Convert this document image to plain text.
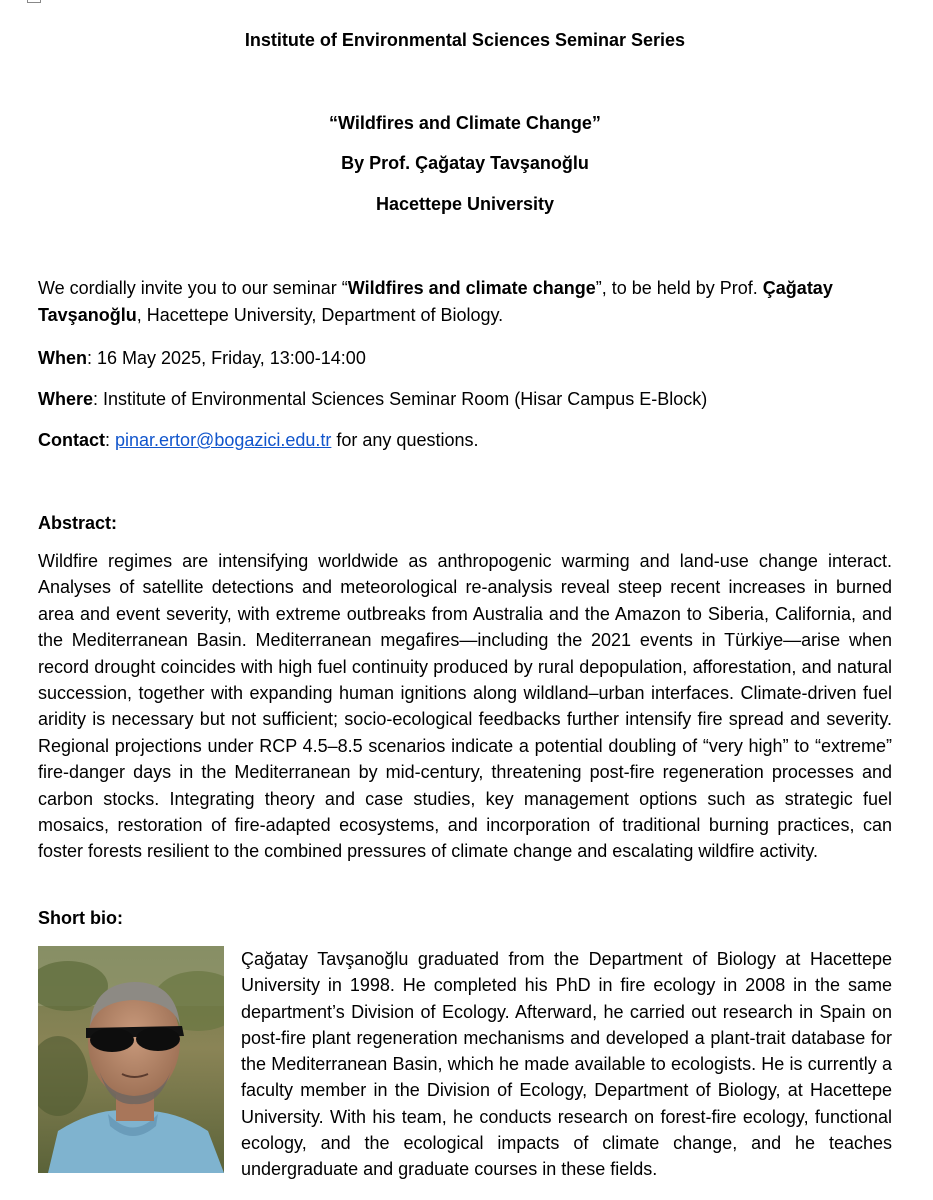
Institute of Environmental Sciences Seminar Series
“Wildfires and Climate Change”
By Prof. Çağatay Tavşanoğlu
Hacettepe University
We cordially invite you to our seminar “Wildfires and climate change”, to be held by Prof. Çağatay Tavşanoğlu, Hacettepe University, Department of Biology.
When: 16 May 2025, Friday, 13:00-14:00
Where: Institute of Environmental Sciences Seminar Room (Hisar Campus E-Block)
Contact: pinar.ertor@bogazici.edu.tr for any questions.
Abstract:
Wildfire regimes are intensifying worldwide as anthropogenic warming and land-use change interact. Analyses of satellite detections and meteorological re-analysis reveal steep recent increases in burned area and event severity, with extreme outbreaks from Australia and the Amazon to Siberia, California, and the Mediterranean Basin. Mediterranean megafires—including the 2021 events in Türkiye—arise when record drought coincides with high fuel continuity produced by rural depopulation, afforestation, and natural succession, together with expanding human ignitions along wildland–urban interfaces. Climate-driven fuel aridity is necessary but not sufficient; socio-ecological feedbacks further intensify fire spread and severity. Regional projections under RCP 4.5–8.5 scenarios indicate a potential doubling of “very high” to “extreme” fire-danger days in the Mediterranean by mid-century, threatening post-fire regeneration processes and carbon stocks. Integrating theory and case studies, key management options such as strategic fuel mosaics, restoration of fire-adapted ecosystems, and incorporation of traditional burning practices, can foster forests resilient to the combined pressures of climate change and escalating wildfire activity.
Short bio:
Çağatay Tavşanoğlu graduated from the Department of Biology at Hacettepe University in 1998. He completed his PhD in fire ecology in 2008 in the same department’s Division of Ecology. Afterward, he carried out research in Spain on post-fire plant regeneration mechanisms and developed a plant-trait database for the Mediterranean Basin, which he made available to ecologists. He is currently a faculty member in the Division of Ecology, Department of Biology, at Hacettepe University. With his team, he conducts research on forest-fire ecology, functional ecology, and the ecological impacts of climate change, and he teaches undergraduate and graduate courses in these fields.
